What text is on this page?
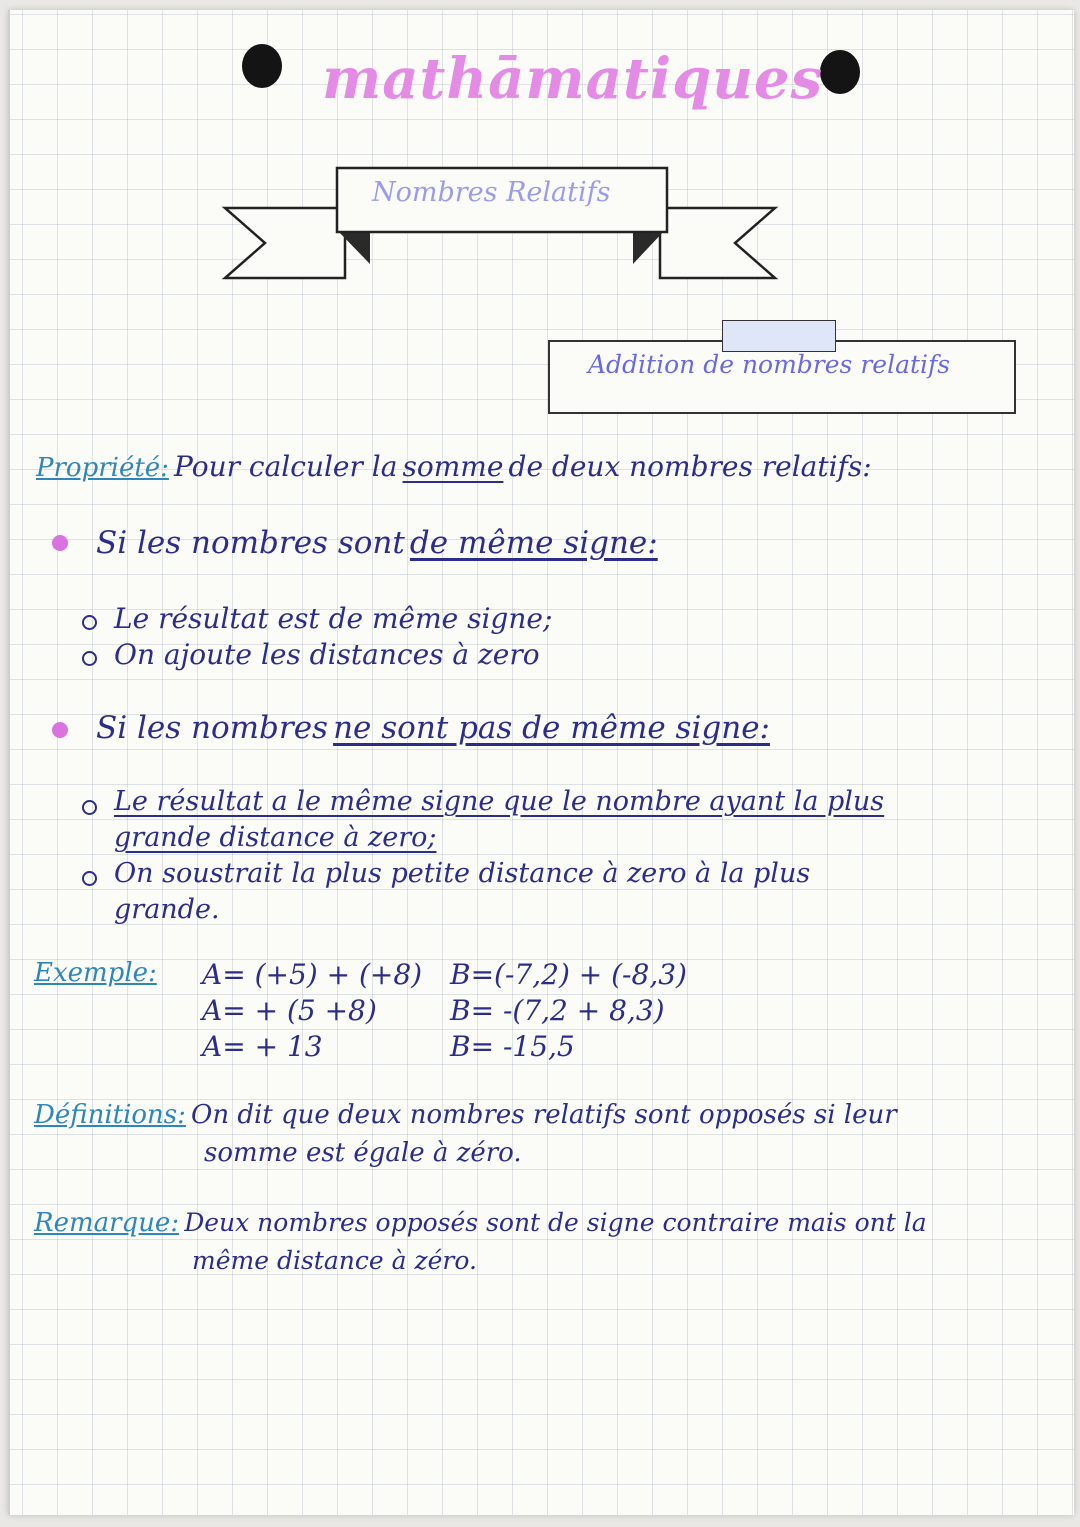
mathāmatiques
Nombres Relatifs
Addition de nombres relatifs
Propriété: Pour calculer la somme de deux nombres relatifs:
Si les nombres sont de même signe:
Le résultat est de même signe;
On ajoute les distances à zero
Si les nombres ne sont pas de même signe:
Le résultat a le même signe que le nombre ayant la plus
grande distance à zero;
On soustrait la plus petite distance à zero à la plus
grande.
Exemple: A= (+5) + (+8)
A= + (5 +8)
A= + 13
B=(-7,2) + (-8,3)
B= -(7,2 + 8,3)
B= -15,5
Définitions: On dit que deux nombres relatifs sont opposés si leur
somme est égale à zéro.
Remarque: Deux nombres opposés sont de signe contraire mais ont la
même distance à zéro.
